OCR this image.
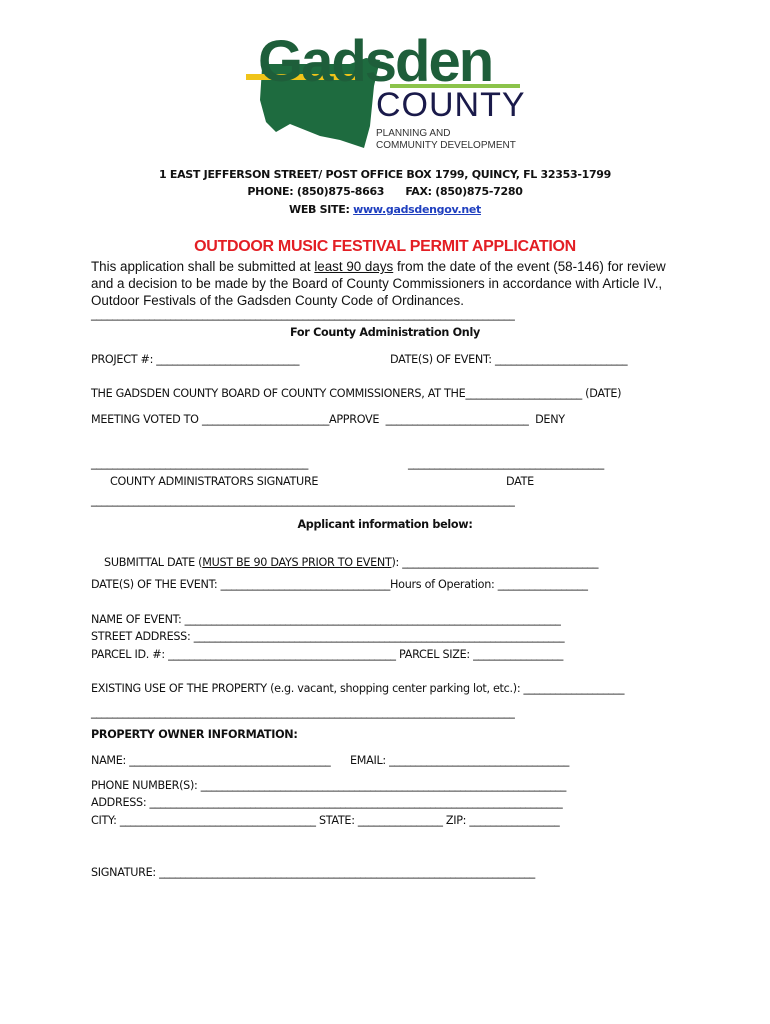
Gadsden
COUNTY
PLANNING AND
COMMUNITY DEVELOPMENT
1 EAST JEFFERSON STREET/ POST OFFICE BOX 1799, QUINCY, FL 32353-1799
PHONE: (850)875-8663      FAX: (850)875-7280
WEB SITE: www.gadsdengov.net
OUTDOOR MUSIC FESTIVAL PERMIT APPLICATION
This application shall be submitted at least 90 days from the date of the event (58-146) for review and a decision to be made by the Board of County Commissioners in accordance with Article IV., Outdoor Festivals of the Gadsden County Code of Ordinances.
________________________________________________________________________________
For County Administration Only
PROJECT #: ___________________________	DATE(S) OF EVENT: _________________________
THE GADSDEN COUNTY BOARD OF COUNTY COMMISSIONERS, AT THE______________________ (DATE)
MEETING VOTED TO ________________________APPROVE  ___________________________  DENY
_________________________________________	_____________________________________
COUNTY ADMINISTRATORS SIGNATURE	DATE
________________________________________________________________________________
Applicant information below:

SUBMITTAL DATE (MUST BE 90 DAYS PRIOR TO EVENT): _____________________________________

DATE(S) OF THE EVENT: ________________________________Hours of Operation: _________________
NAME OF EVENT: _______________________________________________________________________
STREET ADDRESS: ______________________________________________________________________
PARCEL ID. #: ___________________________________________ PARCEL SIZE: _________________
EXISTING USE OF THE PROPERTY (e.g. vacant, shopping center parking lot, etc.): ___________________
________________________________________________________________________________
PROPERTY OWNER INFORMATION:
NAME: ______________________________________      EMAIL: __________________________________
PHONE NUMBER(S): _____________________________________________________________________
ADDRESS: ______________________________________________________________________________
CITY: _____________________________________ STATE: ________________ ZIP: _________________
SIGNATURE: _______________________________________________________________________
